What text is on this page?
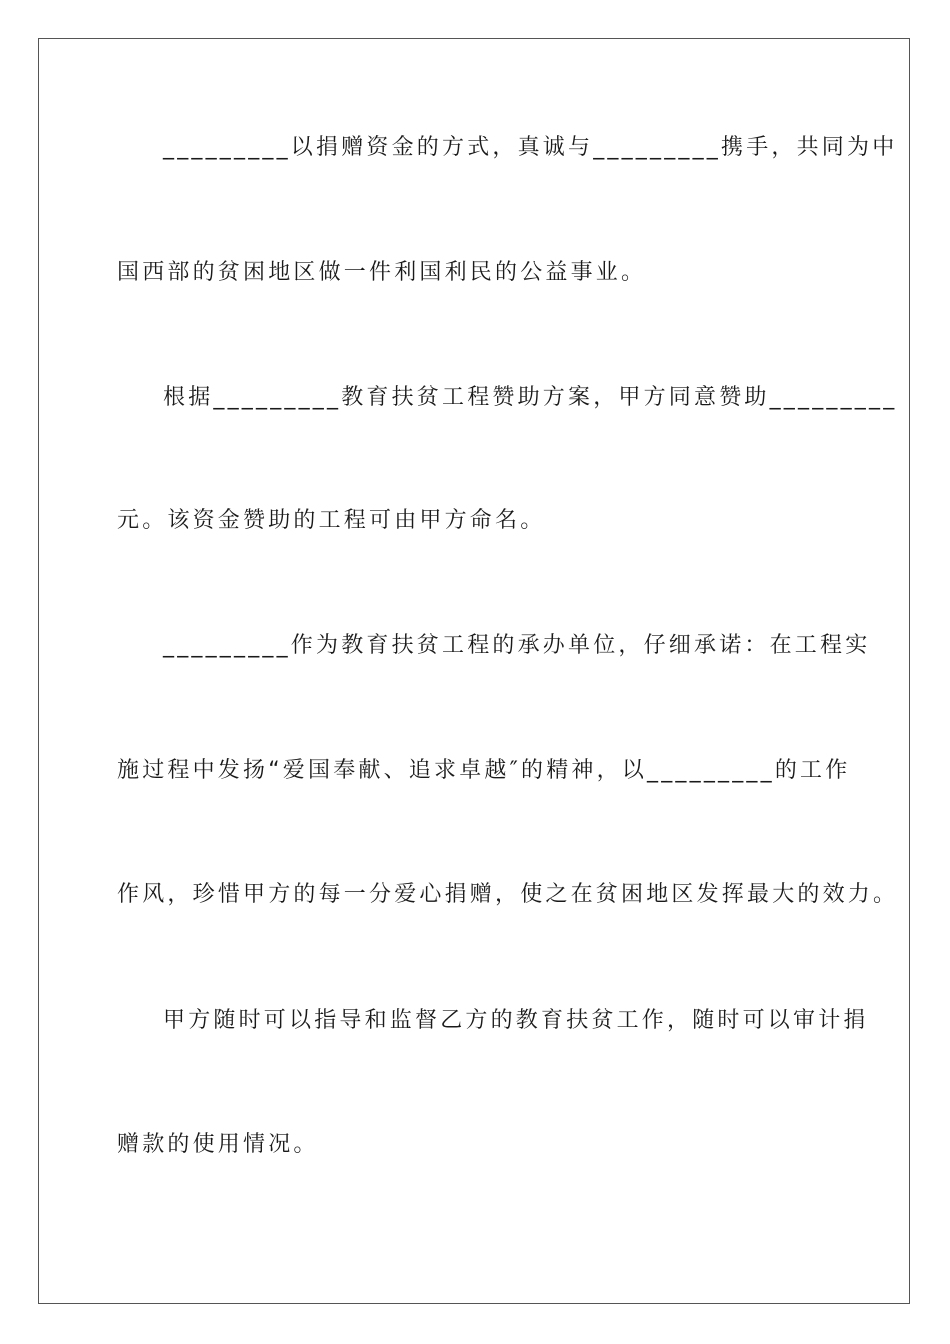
_________以捐赠资金的方式，真诚与_________携手，共同为中
国西部的贫困地区做一件利国利民的公益事业。
根据_________教育扶贫工程赞助方案，甲方同意赞助_________
元。该资金赞助的工程可由甲方命名。
_________作为教育扶贫工程的承办单位，仔细承诺：在工程实
施过程中发扬“爱国奉献、追求卓越″的精神，以_________的工作
作风，珍惜甲方的每一分爱心捐赠，使之在贫困地区发挥最大的效力。
甲方随时可以指导和监督乙方的教育扶贫工作，随时可以审计捐
赠款的使用情况。
